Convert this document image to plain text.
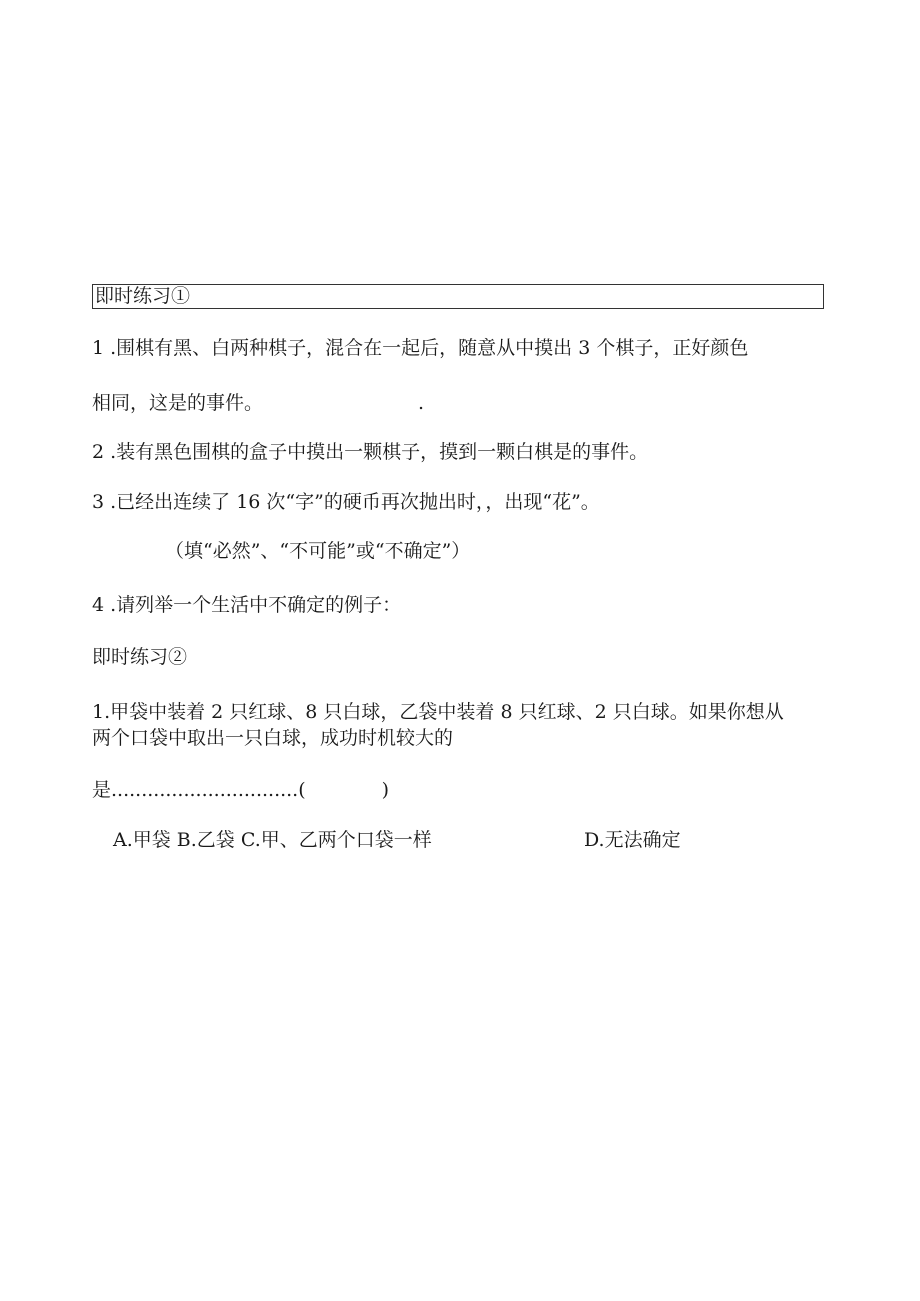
即时练习①
1 .围棋有黑、白两种棋子，混合在一起后，随意从中摸出 3 个棋子，正好颜色
相同，这是的事件。	.
2 .装有黑色围棋的盒子中摸出一颗棋子，摸到一颗白棋是的事件。
3 .已经出连续了 16 次“字”的硬币再次抛出时，，出现“花”。
（填“必然”、“不可能”或“不确定”）
4 .请列举一个生活中不确定的例子：
即时练习②
1.甲袋中装着 2 只红球、8 只白球，乙袋中装着 8 只红球、2 只白球。如果你想从
两个口袋中取出一只白球，成功时机较大的
是...............................(　　　　)
A.甲袋 B.乙袋 C.甲、乙两个口袋一样	D.无法确定
